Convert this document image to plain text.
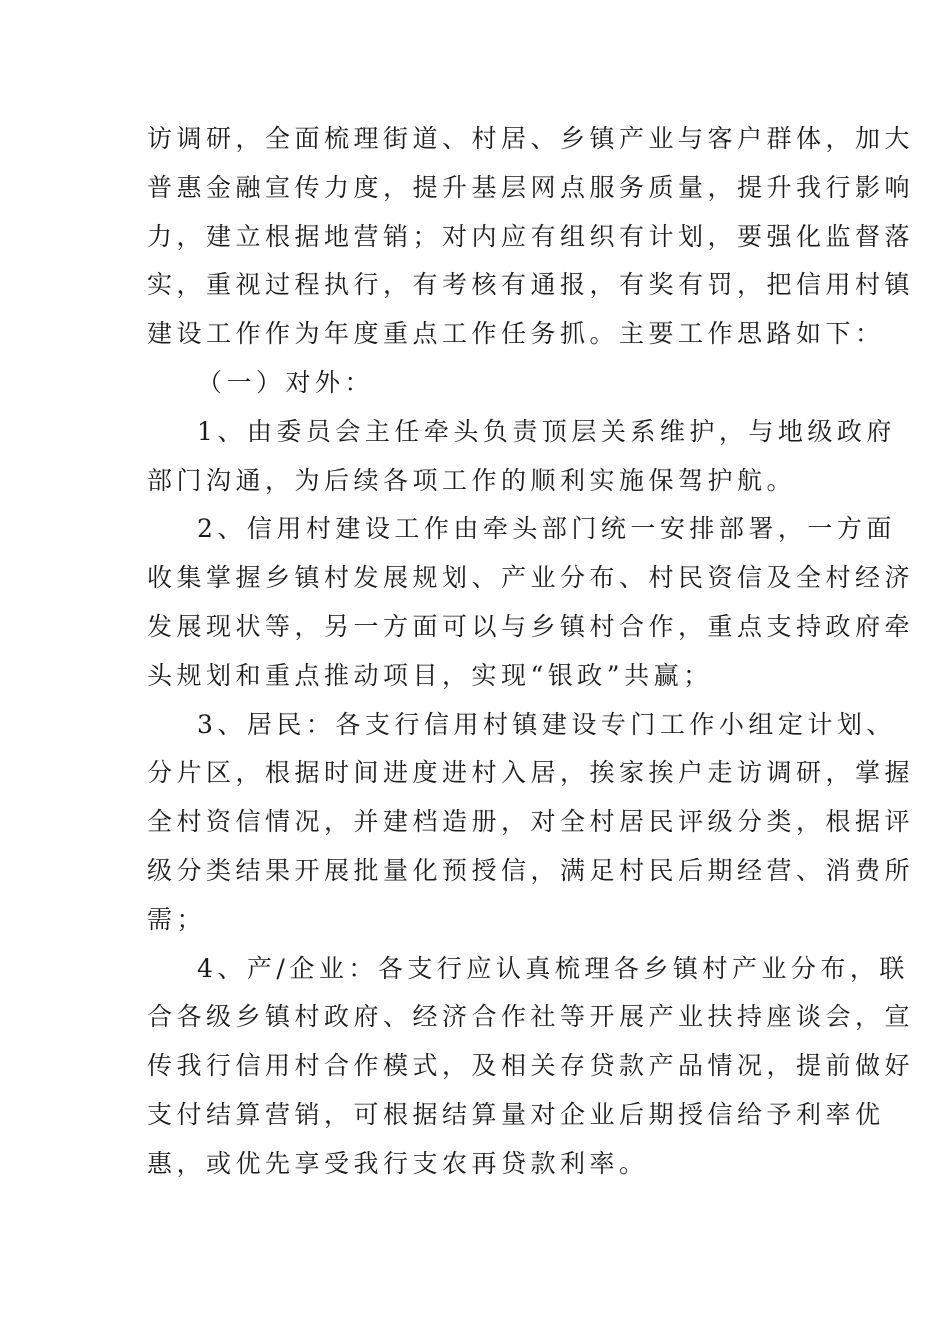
访调研，全面梳理街道、村居、乡镇产业与客户群体，加大
普惠金融宣传力度，提升基层网点服务质量，提升我行影响
力，建立根据地营销；对内应有组织有计划，要强化监督落
实，重视过程执行，有考核有通报，有奖有罚，把信用村镇
建设工作作为年度重点工作任务抓。主要工作思路如下：
（一）对外：
1、由委员会主任牵头负责顶层关系维护，与地级政府
部门沟通，为后续各项工作的顺利实施保驾护航。
2、信用村建设工作由牵头部门统一安排部署，一方面
收集掌握乡镇村发展规划、产业分布、村民资信及全村经济
发展现状等，另一方面可以与乡镇村合作，重点支持政府牵
头规划和重点推动项目，实现“银政”共赢；
3、居民：各支行信用村镇建设专门工作小组定计划、
分片区，根据时间进度进村入居，挨家挨户走访调研，掌握
全村资信情况，并建档造册，对全村居民评级分类，根据评
级分类结果开展批量化预授信，满足村民后期经营、消费所
需；
4、产/企业：各支行应认真梳理各乡镇村产业分布，联
合各级乡镇村政府、经济合作社等开展产业扶持座谈会，宣
传我行信用村合作模式，及相关存贷款产品情况，提前做好
支付结算营销，可根据结算量对企业后期授信给予利率优
惠，或优先享受我行支农再贷款利率。
